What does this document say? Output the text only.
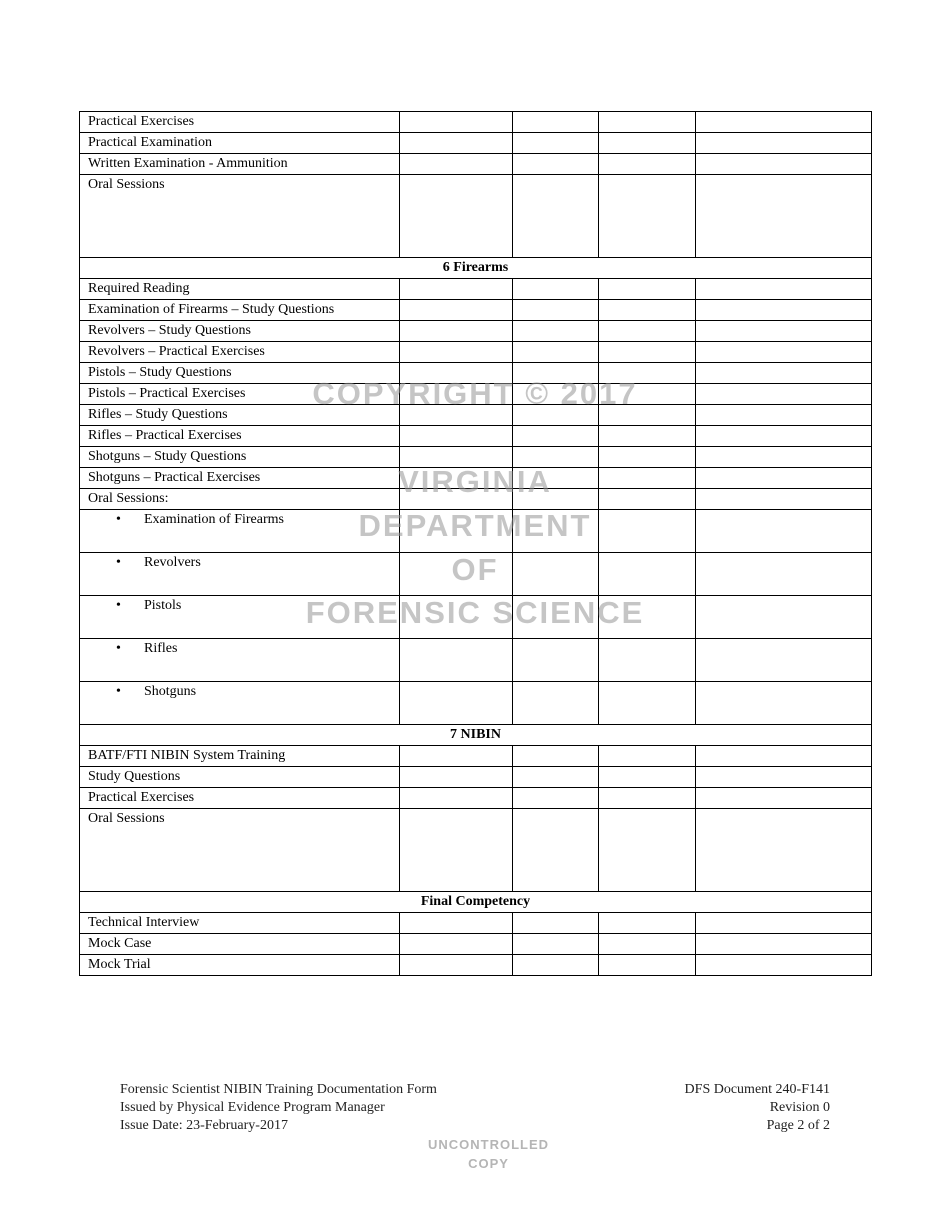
Practical Exercises				
Practical Examination				
Written Examination - Ammunition				
Oral Sessions				
6 Firearms				
Required Reading				
Examination of Firearms – Study Questions				
Revolvers – Study Questions				
Revolvers – Practical Exercises				
Pistols – Study Questions				
Pistols – Practical Exercises				
Rifles – Study Questions				
Rifles – Practical Exercises				
Shotguns – Study Questions				
Shotguns – Practical Exercises				
Oral Sessions:				
• Examination of Firearms				
• Revolvers				
• Pistols				
• Rifles				
• Shotguns				
7 NIBIN				
BATF/FTI NIBIN System Training				
Study Questions				
Practical Exercises				
Oral Sessions				
Final Competency				
Technical Interview				
Mock Case				
Mock Trial				
COPYRIGHT © 2017
VIRGINIA
DEPARTMENT
OF
FORENSIC SCIENCE
Forensic Scientist NIBIN Training Documentation Form
Issued by Physical Evidence Program Manager
Issue Date: 23-February-2017
DFS Document 240-F141
Revision 0
Page 2 of 2
UNCONTROLLED
COPY
